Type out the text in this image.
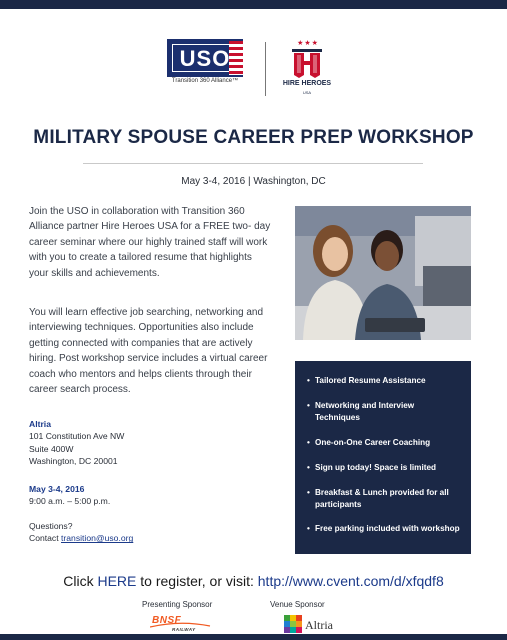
USO
Transition 360 Alliance™
★★★
HIRE HEROES
USA
MILITARY SPOUSE CAREER PREP WORKSHOP
May 3-4, 2016 | Washington, DC

Join the USO in collaboration with Transition 360 Alliance partner Hire Heroes USA for a FREE two- day career seminar where our highly trained staff will work with you to create a tailored resume that highlights your skills and achievements.

You will learn effective job searching, networking and interviewing techniques. Opportunities also include getting connected with companies that are actively hiring. Post workshop service includes a virtual career coach who mentors and helps clients through their career search process.

Altria
101 Constitution Ave NW
Suite 400W
Washington, DC 20001
May 3-4, 2016
9:00 a.m. – 5:00 p.m.
Questions?
Contact transition@uso.org
• Tailored Resume Assistance
• Networking and Interview Techniques
• One-on-One Career Coaching
• Sign up today! Space is limited
• Breakfast & Lunch provided for all participants
• Free parking included with workshop
Click HERE to register, or visit: http://www.cvent.com/d/xfqdf8
Presenting Sponsor	Venue Sponsor
BNSF
RAILWAY	Altria
